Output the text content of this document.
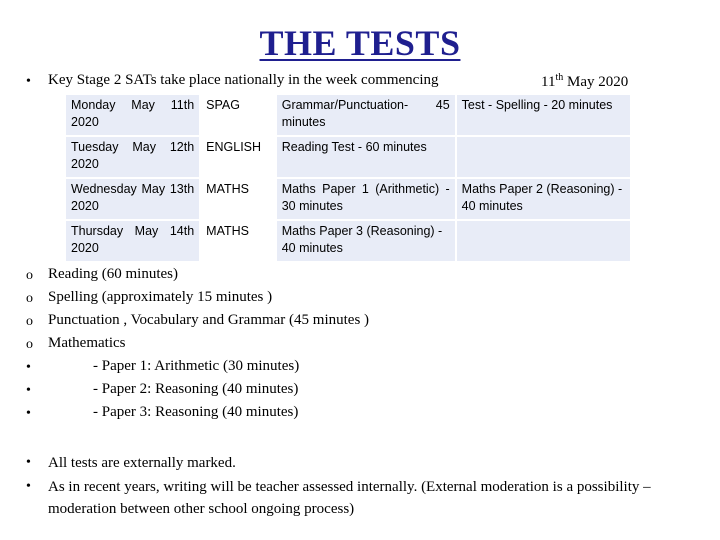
THE TESTS
• Key Stage 2 SATs take place nationally in the week commencing	11th May 2020
Monday May 11th 2020	SPAG	Grammar/Punctuation- 45 minutes	Test - Spelling - 20 minutes
Tuesday May 12th 2020	ENGLISH	Reading Test - 60 minutes	
Wednesday May 13th 2020	MATHS	Maths Paper 1 (Arithmetic) - 30 minutes	Maths Paper 2 (Reasoning) - 40 minutes
Thursday May 14th 2020	MATHS	Maths Paper 3 (Reasoning) - 40 minutes	
o Reading (60 minutes)
o Spelling (approximately 15 minutes )
o Punctuation , Vocabulary and Grammar (45 minutes )
o Mathematics
•	- Paper 1: Arithmetic (30 minutes)
•	- Paper 2: Reasoning (40 minutes)
•	- Paper 3: Reasoning (40 minutes)
• All tests are externally marked.
• As in recent years, writing will be teacher assessed internally. (External moderation is a possibility – moderation between other school ongoing process)
